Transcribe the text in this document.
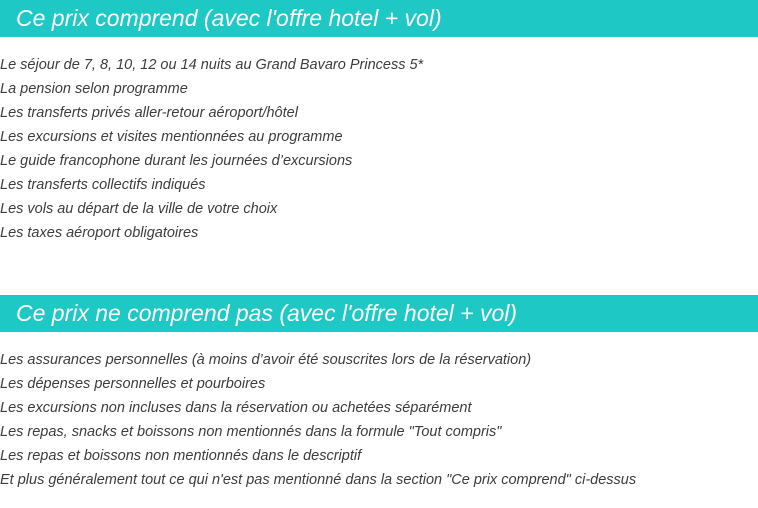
Ce prix comprend (avec l'offre hotel + vol)
Le séjour de 7, 8, 10, 12 ou 14 nuits au Grand Bavaro Princess 5*
La pension selon programme
Les transferts privés aller-retour aéroport/hôtel
Les excursions et visites mentionnées au programme
Le guide francophone durant les journées d’excursions
Les transferts collectifs indiqués
Les vols au départ de la ville de votre choix
Les taxes aéroport obligatoires
Ce prix ne comprend pas (avec l'offre hotel + vol)
Les assurances personnelles (à moins d’avoir été souscrites lors de la réservation)
Les dépenses personnelles et pourboires
Les excursions non incluses dans la réservation ou achetées séparément
Les repas, snacks et boissons non mentionnés dans la formule "Tout compris"
Les repas et boissons non mentionnés dans le descriptif
Et plus généralement tout ce qui n'est pas mentionné dans la section "Ce prix comprend" ci-dessus
